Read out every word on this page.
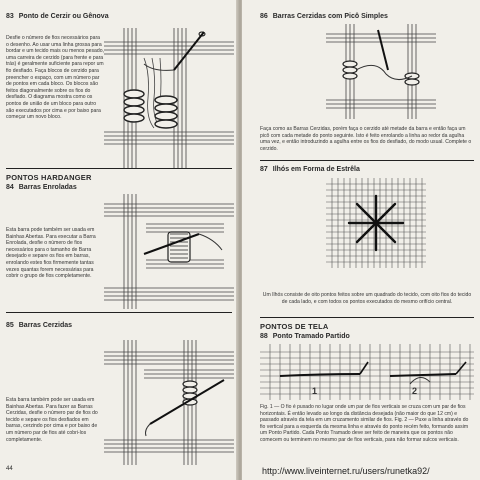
83 Ponto de Cerzir ou Gênova
Desfie o número de fios necessários para o desenho. Ao usar uma linha grossa para bordar e um tecido mais ou menos pesado, uma carreira de cerzido (para frente e para trás) é geralmente suficiente para repor um fio desfiado. Faça blocos de cerzido para preencher o espaço, com um número par de pontos em cada bloco. Os blocos são feitos diagonalmente sobre os fios do desfiado. O diagrama mostra como os pontos de união de um bloco para outro são executados por cima e por baixo para começar um novo bloco.
PONTOS HARDANGER
84 Barras Enroladas
Esta barra pode também ser usada em Bainhas Abertas. Para executar a Barra Enrolada, desfie o número de fios necessários para o tamanho de Barra desejado e separe os fios em barras, enrolando estes fios firmemente tantas vezes quantas forem necessárias para cobrir o grupo de fios completamente.
85 Barras Cerzidas
Esta barra também pode ser usada em Bainhas Abertas. Para fazer as Barras Cerzidas, desfie o número par de fios do tecido e separe os fios desfiados em barras, cerzindo por cima e por baixo de um número par de fios até cobri-los completamente.
44
86 Barras Cerzidas com Picô Simples
Faça como as Barras Cerzidas, porém faça o cerzido até metade da barra e então faça um picô com cada metade do ponto seguinte. Isto é feito enrolando a linha ao redor da agulha uma vez, e então introduzindo a agulha entre os fios do desfiado, do modo usual. Complete o cerzido.
87 Ilhós em Forma de Estrêla
Um Ilhós consiste de oito pontos feitos sobre um quadrado do tecido, com oito fios do tecido de cada lado, e com todos os pontos executados do mesmo orifício central.
PONTOS DE TELA
88 Ponto Tramado Partido
1	2
Fig. 1 — O fio é puxado no lugar onde um par de fios verticais se cruza com um par de fios horizontais. É então levado ao longo da distância desejada (não maior do que 12 cm) e passado através da tela em um cruzamento similar de fios. Fig. 2 — Puxe a linha através do fio vertical para a esquerda da mesma linha e através do ponto recém feito, formando assim um Ponto Partido. Cada Ponto Tramado deve ser feito de maneira que os pontos não comecem ou terminem no mesmo par de fios verticais, para não formar sulcos verticais.
http://www.liveinternet.ru/users/runetka92/
